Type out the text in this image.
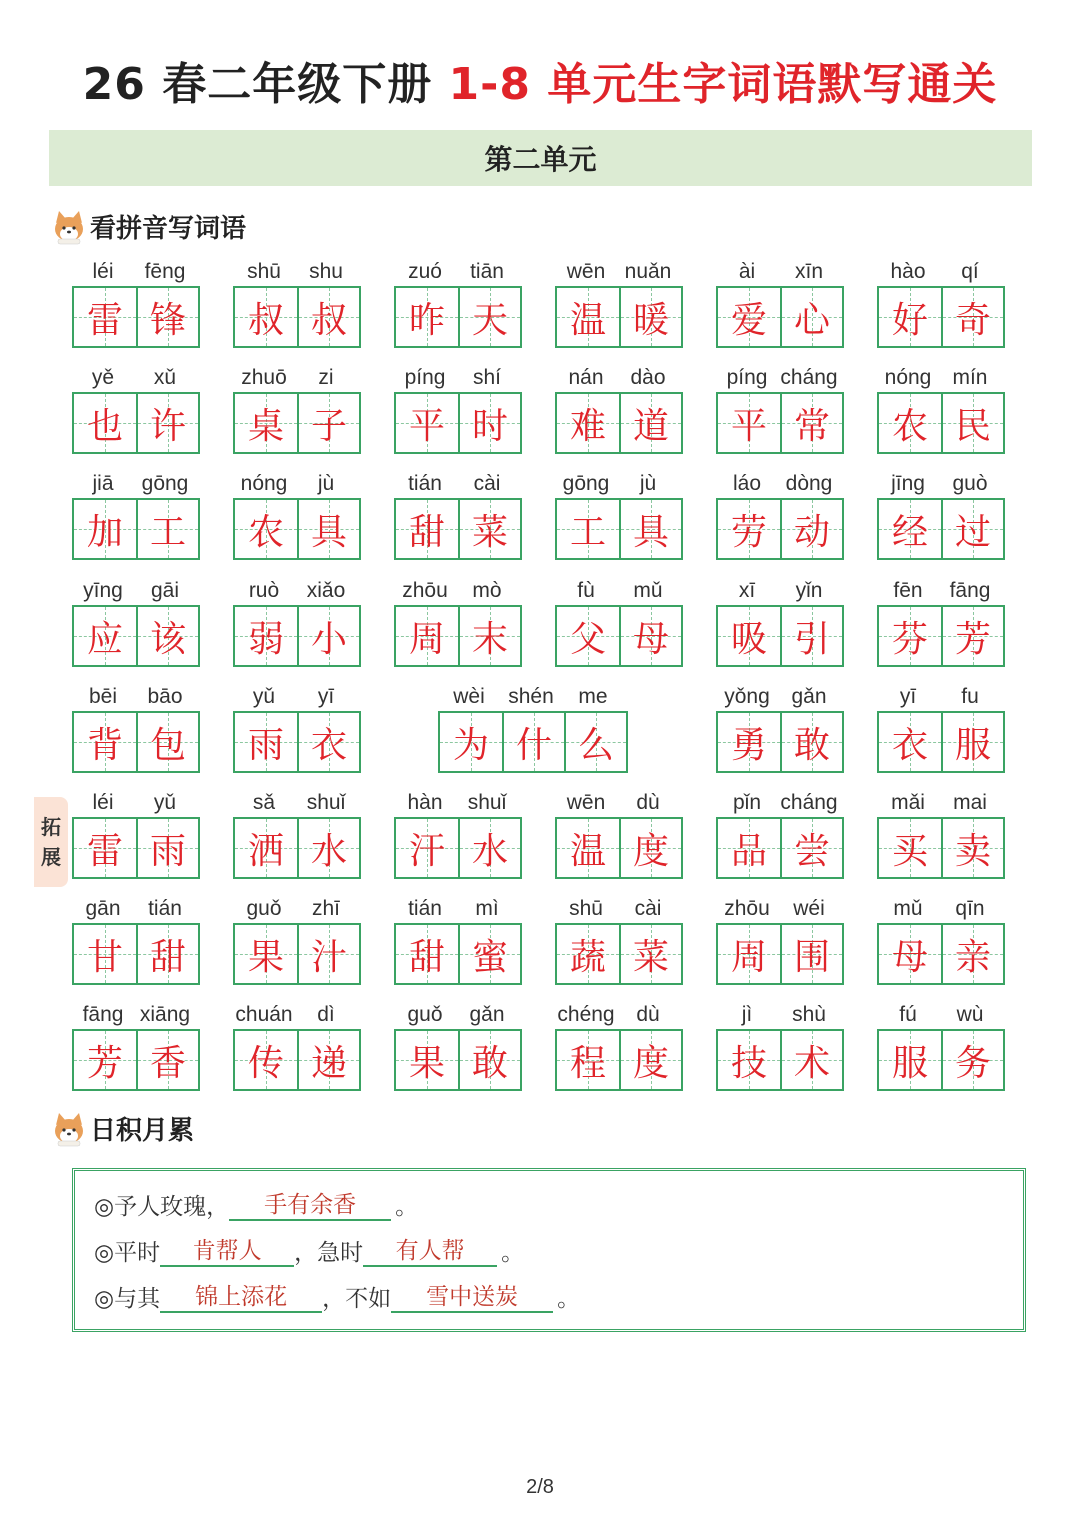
26 春二年级下册 1-8 单元生字词语默写通关
第二单元
看拼音写词语
léi	fēng
雷 锋
shū	shu
叔 叔
zuó	tiān
昨 天
wēn nuǎn
温 暖
ài	xīn
爱 心
hào	qí
好 奇
yě	xǔ
也 许
zhuō	zi
桌 子
píng	shí
平 时
nán	dào
难 道
píng cháng
平 常
nóng	mín
农 民
jiā	gōng
加 工
nóng	jù
农 具
tián	cài
甜 菜
gōng	jù
工 具
láo	dòng
劳 动
jīng	guò
经 过
yīng	gāi
应 该
ruò	xiǎo
弱 小
zhōu	mò
周 末
fù	mǔ
父 母
xī	yǐn
吸 引
fēn	fāng
芬 芳
bēi	bāo
背 包
yǔ	yī
雨 衣
wèi	shén	me
为 什 么
yǒng	gǎn
勇 敢
yī	fu
衣 服
léi	yǔ
雷 雨
sǎ	shuǐ
洒 水
hàn	shuǐ
汗 水
wēn	dù
温 度
pǐn cháng
品 尝
mǎi	mai
买 卖
gān	tián
甘 甜
guǒ	zhī
果 汁
tián	mì
甜 蜜
shū	cài
蔬 菜
zhōu	wéi
周 围
mǔ	qīn
母 亲
fāng xiāng
芳 香
chuán	dì
传 递
guǒ	gǎn
果 敢
chéng	dù
程 度
jì	shù
技 术
fú	wù
服 务
拓
展
日积月累
◎予人玫瑰，	手有余香	。
◎平时	肯帮人	，急时	有人帮	。
◎与其	锦上添花	，不如	雪中送炭	。
2/8
